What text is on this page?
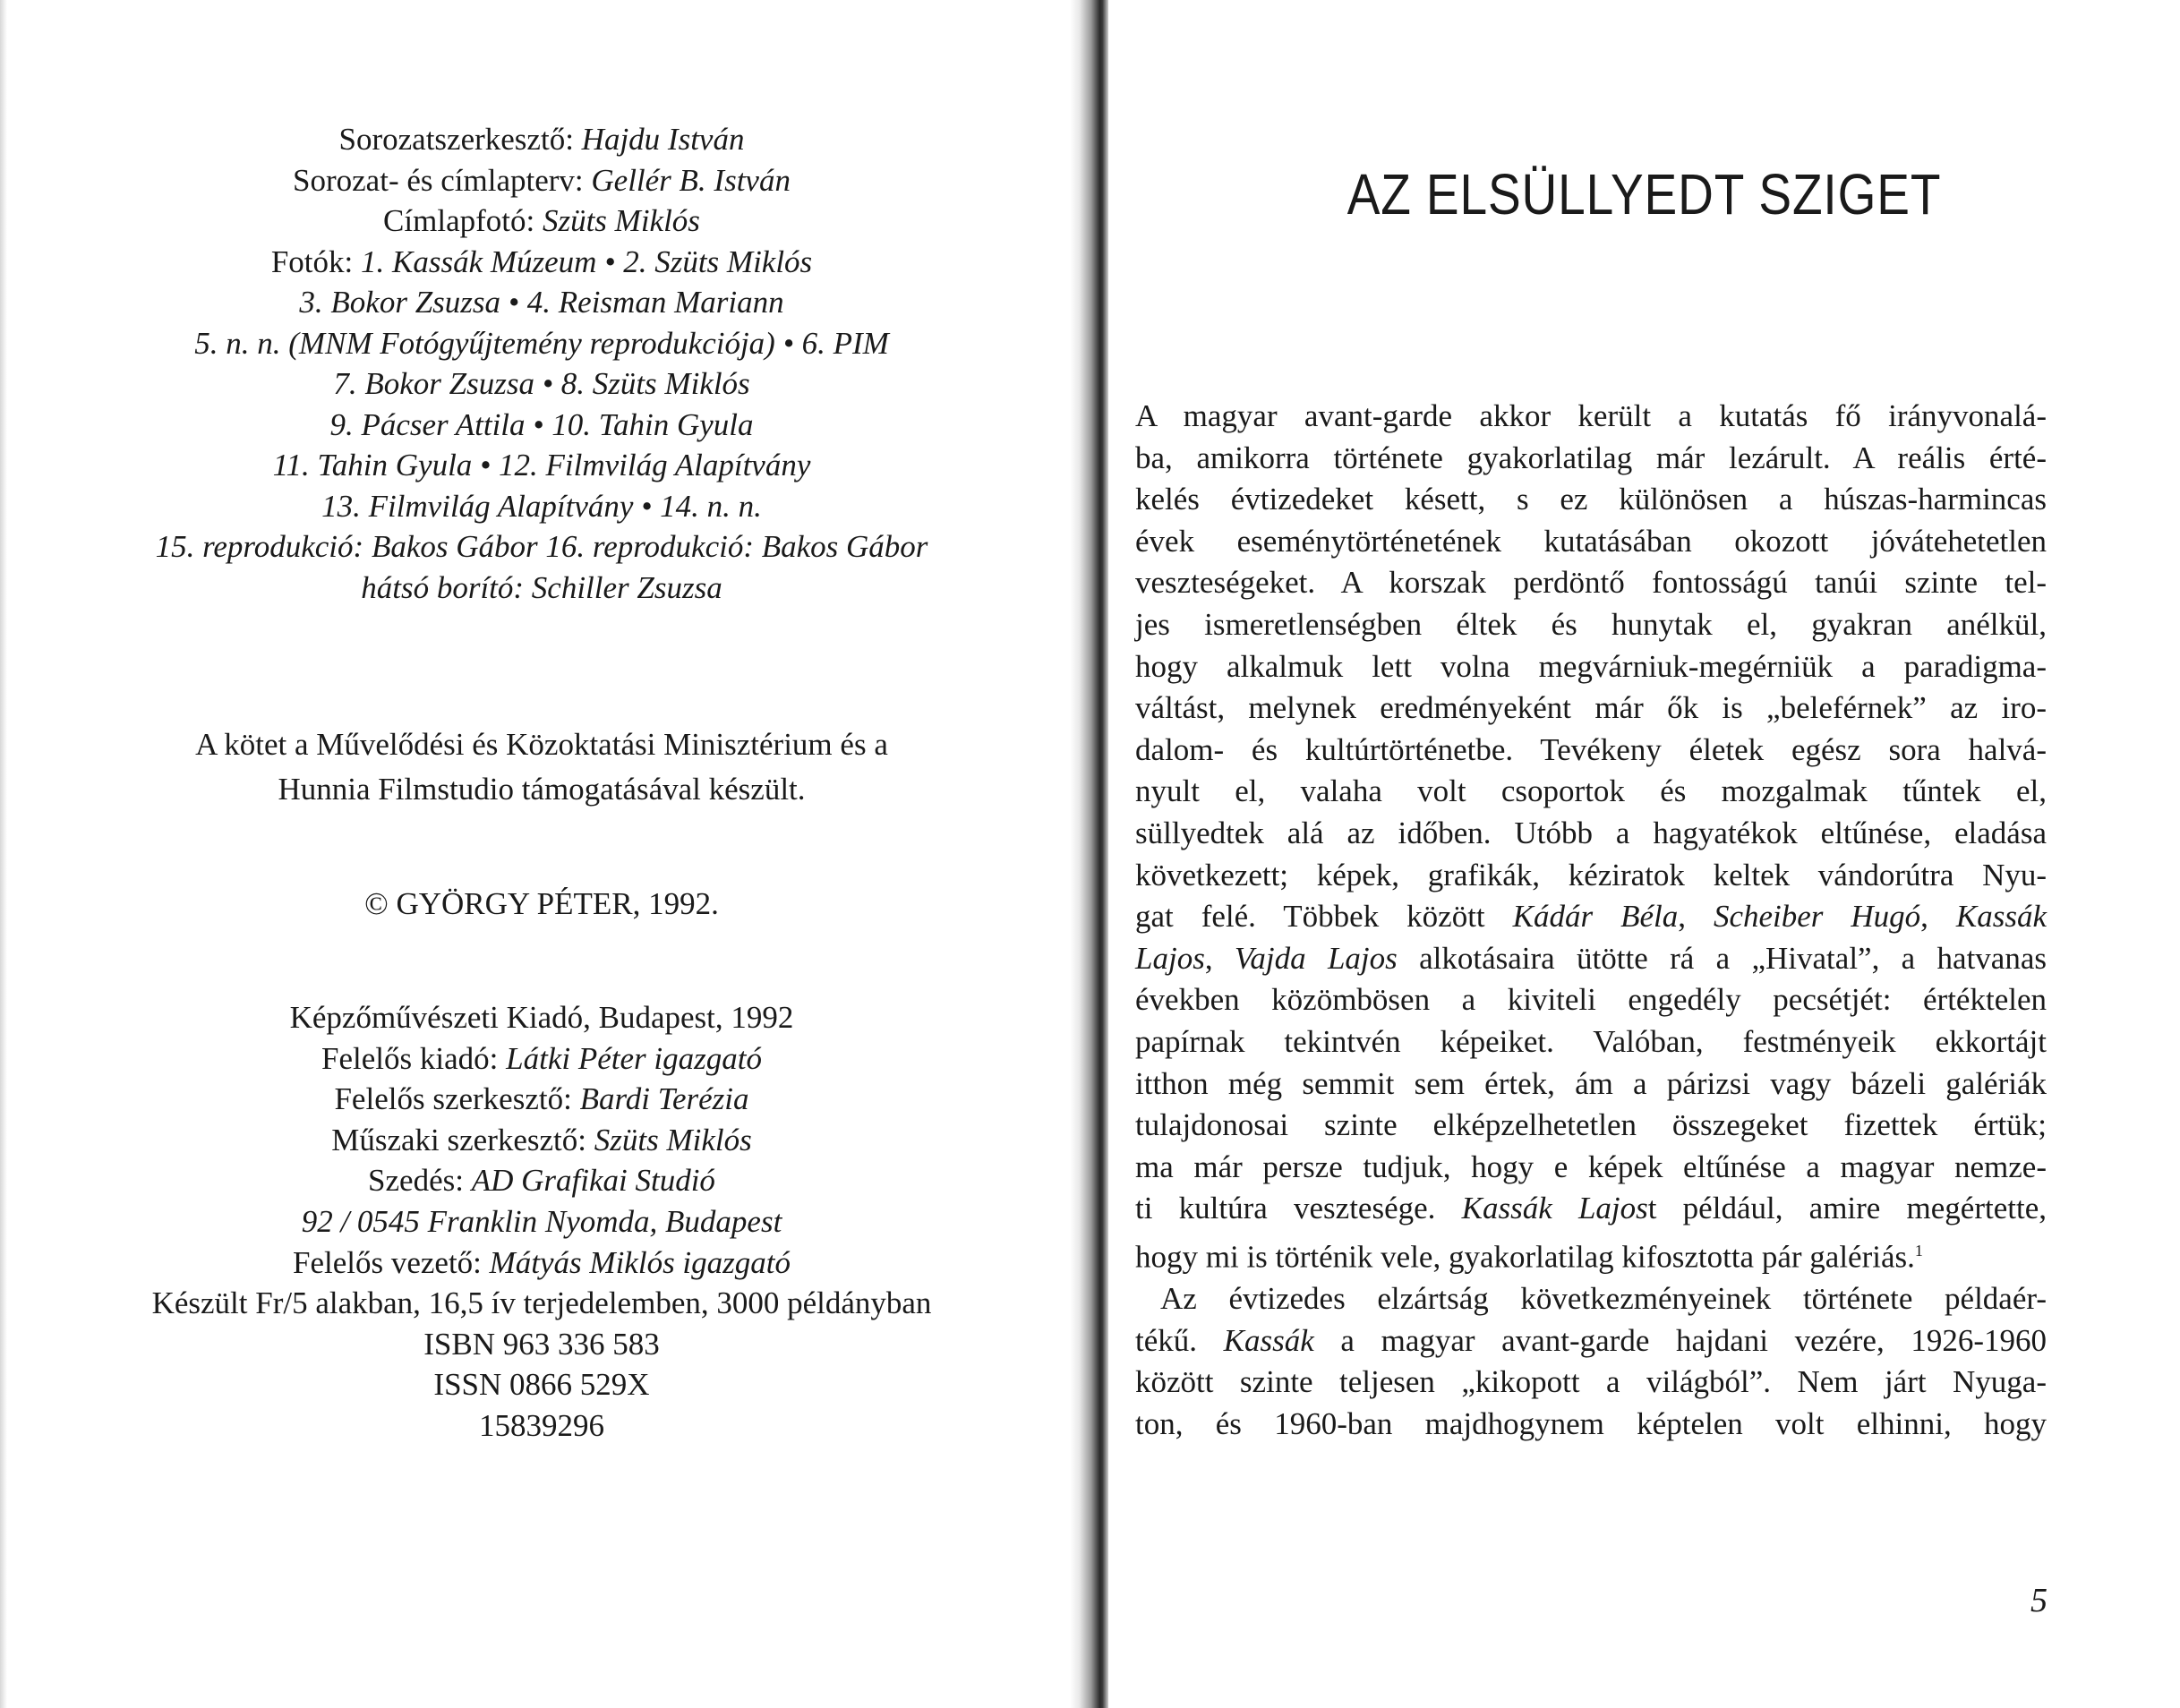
Sorozatszerkesztő: Hajdu István
Sorozat- és címlapterv: Gellér B. István
Címlapfotó: Szüts Miklós
Fotók: 1. Kassák Múzeum • 2. Szüts Miklós
3. Bokor Zsuzsa • 4. Reisman Mariann
5. n. n. (MNM Fotógyűjtemény reprodukciója) • 6. PIM
7. Bokor Zsuzsa • 8. Szüts Miklós
9. Pácser Attila • 10. Tahin Gyula
11. Tahin Gyula • 12. Filmvilág Alapítvány
13. Filmvilág Alapítvány • 14. n. n.
15. reprodukció: Bakos Gábor 16. reprodukció: Bakos Gábor
hátsó borító: Schiller Zsuzsa
A kötet a Művelődési és Közoktatási Minisztérium és a
Hunnia Filmstudio támogatásával készült.
© GYÖRGY PÉTER, 1992.
Képzőművészeti Kiadó, Budapest, 1992
Felelős kiadó: Látki Péter igazgató
Felelős szerkesztő: Bardi Terézia
Műszaki szerkesztő: Szüts Miklós
Szedés: AD Grafikai Studió
92 / 0545 Franklin Nyomda, Budapest
Felelős vezető: Mátyás Miklós igazgató
Készült Fr/5 alakban, 16,5 ív terjedelemben, 3000 példányban
ISBN 963 336 583
ISSN 0866 529X
15839296
AZ ELSÜLLYEDT SZIGET
5
A magyar avant-garde akkor került a kutatás fő irányvonalá-
ba, amikorra története gyakorlatilag már lezárult. A reális érté-
kelés évtizedeket késett, s ez különösen a húszas-harmincas
évek eseménytörténetének kutatásában okozott jóvátehetetlen
veszteségeket. A korszak perdöntő fontosságú tanúi szinte tel-
jes ismeretlenségben éltek és hunytak el, gyakran anélkül,
hogy alkalmuk lett volna megvárniuk-megérniük a paradigma-
váltást, melynek eredményeként már ők is „beleférnek” az iro-
dalom- és kultúrtörténetbe. Tevékeny életek egész sora halvá-
nyult el, valaha volt csoportok és mozgalmak tűntek el,
süllyedtek alá az időben. Utóbb a hagyatékok eltűnése, eladása
következett; képek, grafikák, kéziratok keltek vándorútra Nyu-
gat felé. Többek között Kádár Béla, Scheiber Hugó, Kassák
Lajos, Vajda Lajos alkotásaira ütötte rá a „Hivatal”, a hatvanas
években közömbösen a kiviteli engedély pecsétjét: értéktelen
papírnak tekintvén képeiket. Valóban, festményeik ekkortájt
itthon még semmit sem értek, ám a párizsi vagy bázeli galériák
tulajdonosai szinte elképzelhetetlen összegeket fizettek értük;
ma már persze tudjuk, hogy e képek eltűnése a magyar nemze-
ti kultúra vesztesége. Kassák Lajost például, amire megértette,
hogy mi is történik vele, gyakorlatilag kifosztotta pár galériás.$^1$
Az évtizedes elzártság következményeinek története példaér-
tékű. Kassák a magyar avant-garde hajdani vezére, 1926-1960
között szinte teljesen „kikopott a világból”. Nem járt Nyuga-
ton, és 1960-ban majdhogynem képtelen volt elhinni, hogy
